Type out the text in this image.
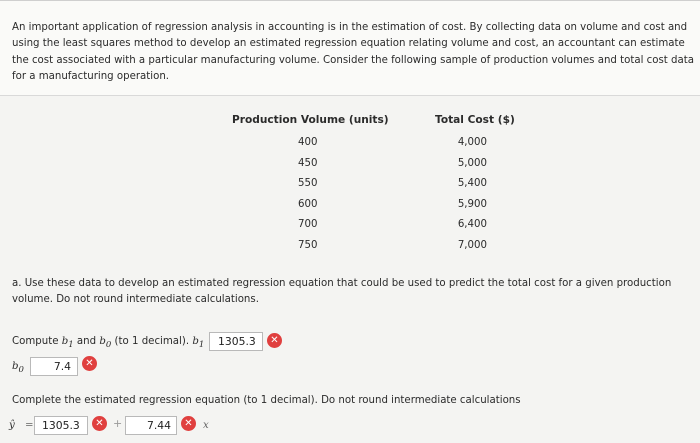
An important application of regression analysis in accounting is in the estimation of cost. By collecting data on volume and cost and using the least squares method to develop an estimated regression equation relating volume and cost, an accountant can estimate the cost associated with a particular manufacturing volume. Consider the following sample of production volumes and total cost data for a manufacturing operation.

Production Volume (units)	Total Cost ($)
400	4,000
450	5,000
550	5,400
600	5,900
700	6,400
750	7,000
a. Use these data to develop an estimated regression equation that could be used to predict the total cost for a given production volume. Do not round intermediate calculations.
Compute $b_1$ and $b_0$ (to 1 decimal). $b_1$	1305.3	✕
$b_0$	7.4	✕
Complete the estimated regression equation (to 1 decimal). Do not round intermediate calculations
ŷ = 1305.3	✕ +	7.44	✕	x
